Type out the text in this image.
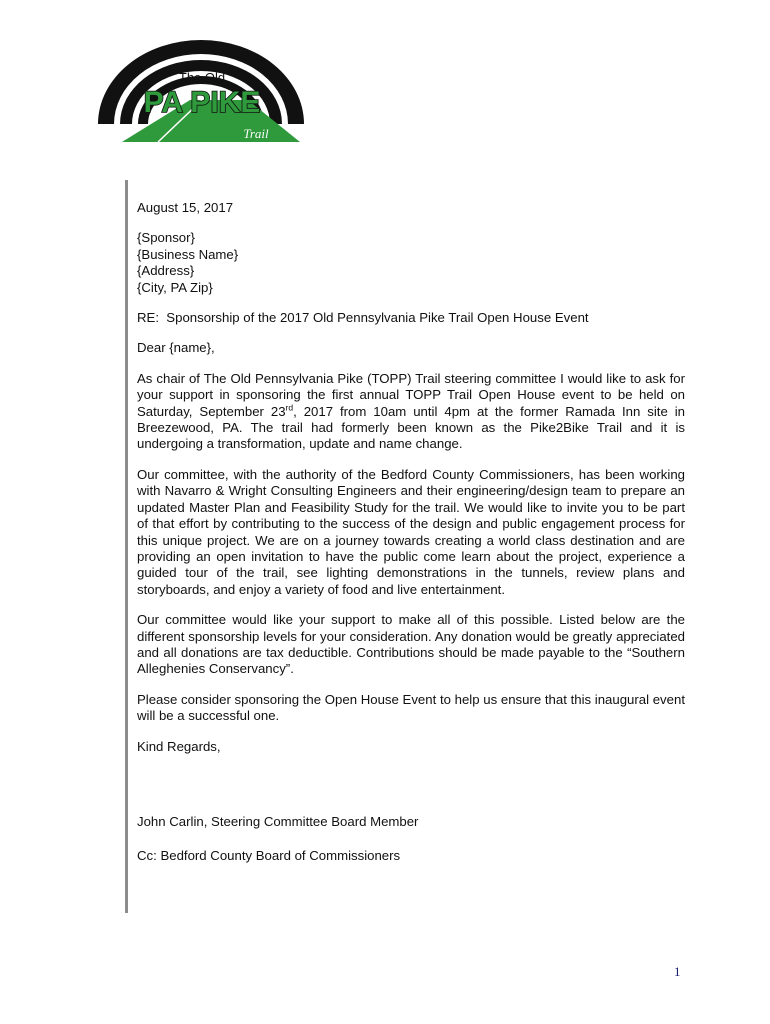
The Old
PA PIKE
Trail

August 15, 2017

{Sponsor}
{Business Name}
{Address}
{City, PA Zip}

RE:  Sponsorship of the 2017 Old Pennsylvania Pike Trail Open House Event

Dear {name},

As chair of The Old Pennsylvania Pike (TOPP) Trail steering committee I would like to ask for your support in sponsoring the first annual TOPP Trail Open House event to be held on Saturday, September 23rd, 2017 from 10am until 4pm at the former Ramada Inn site in Breezewood, PA. The trail had formerly been known as the Pike2Bike Trail and it is undergoing a transformation, update and name change.

Our committee, with the authority of the Bedford County Commissioners, has been working with Navarro & Wright Consulting Engineers and their engineering/design team to prepare an updated Master Plan and Feasibility Study for the trail. We would like to invite you to be part of that effort by contributing to the success of the design and public engagement process for this unique project. We are on a journey towards creating a world class destination and are providing an open invitation to have the public come learn about the project, experience a guided tour of the trail, see lighting demonstrations in the tunnels, review plans and storyboards, and enjoy a variety of food and live entertainment.

Our committee would like your support to make all of this possible. Listed below are the different sponsorship levels for your consideration. Any donation would be greatly appreciated and all donations are tax deductible. Contributions should be made payable to the “Southern Alleghenies Conservancy”.

Please consider sponsoring the Open House Event to help us ensure that this inaugural event will be a successful one.

Kind Regards,

John Carlin, Steering Committee Board Member

Cc: Bedford County Board of Commissioners

1
